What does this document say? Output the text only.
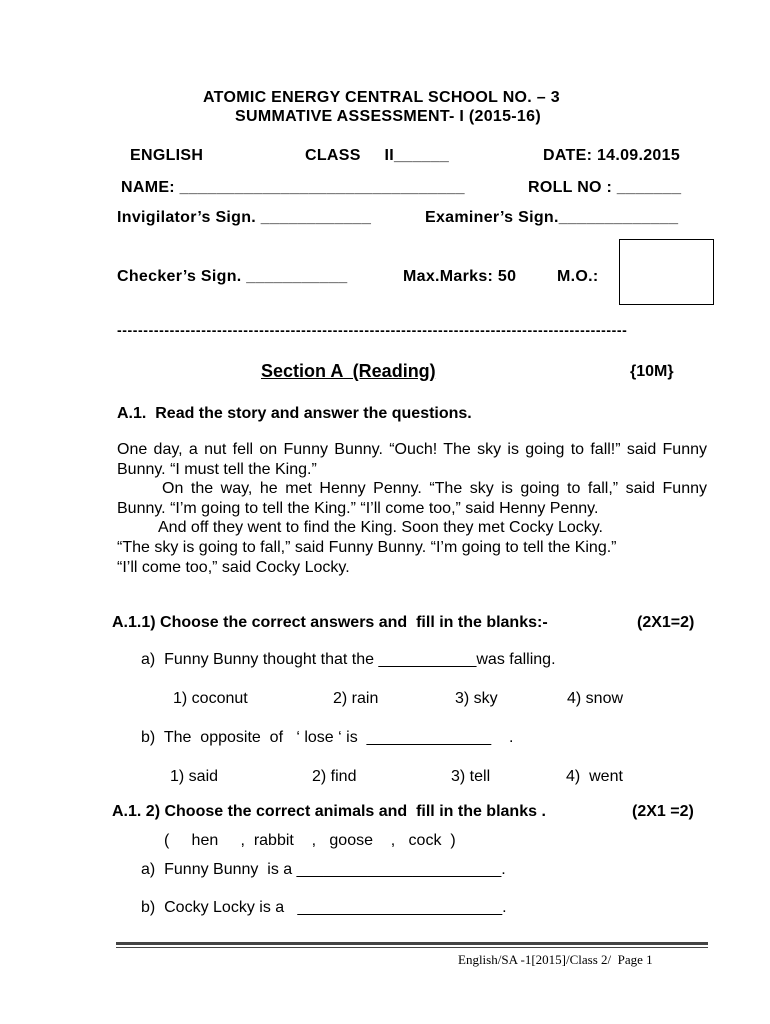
ATOMIC ENERGY CENTRAL SCHOOL NO. – 3
SUMMATIVE ASSESSMENT- I (2015-16)
ENGLISH	CLASS     II______	DATE: 14.09.2015
NAME: _______________________________	ROLL NO : _______
Invigilator’s Sign. ____________	Examiner’s Sign._____________
Checker’s Sign. ___________	Max.Marks: 50	M.O.:
-------------------------------------------------------------------------------------------------
Section A  (Reading)	{10M}
A.1.  Read the story and answer the questions.

One day, a nut fell on Funny Bunny. “Ouch! The sky is going to fall!” said Funny Bunny. “I must tell the King.”

On the way, he met Henny Penny. “The sky is going to fall,” said Funny Bunny. “I’m going to tell the King.” “I’ll come too,” said Henny Penny.

And off they went to find the King. Soon they met Cocky Locky.

“The sky is going to fall,” said Funny Bunny. “I’m going to tell the King.”

“I’ll come too,” said Cocky Locky.

A.1.1) Choose the correct answers and  fill in the blanks:-	(2X1=2)
a)  Funny Bunny thought that the ___________was falling.
1) coconut	2) rain	3) sky	4) snow
b)  The  opposite  of   ‘ lose ‘ is  ______________    .
1) said	2) find	3) tell	4)  went
A.1. 2) Choose the correct animals and  fill in the blanks .	(2X1 =2)
(     hen     ,  rabbit    ,   goose    ,   cock  )
a)  Funny Bunny  is a _______________________.
b)  Cocky Locky is a   _______________________.
English/SA -1[2015]/Class 2/  Page 1
